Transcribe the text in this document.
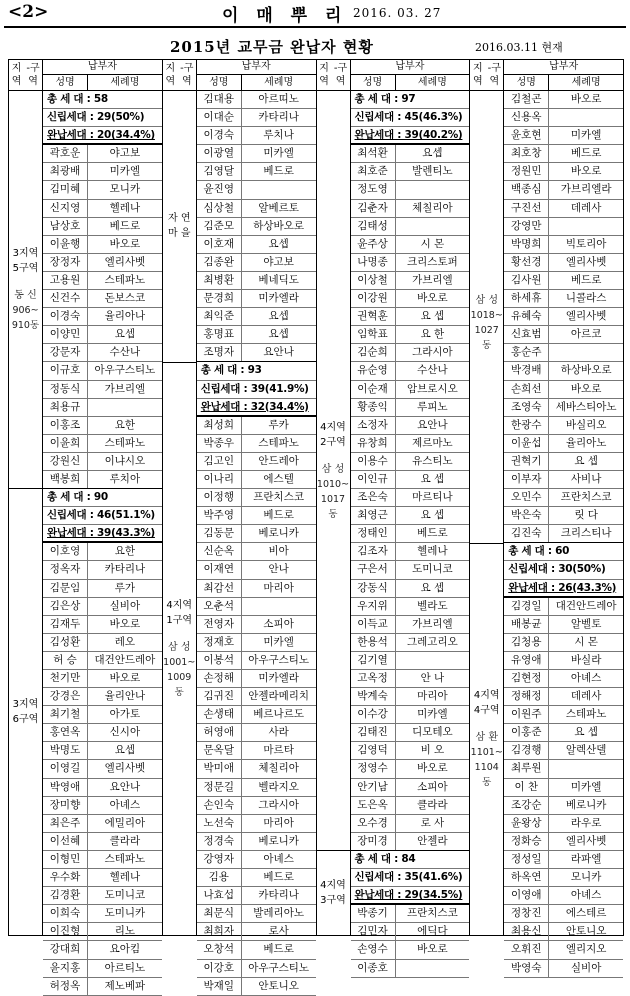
<2>	이 매 뿌 리 2016. 03. 27
2015년 교무금 완납자 현황	2016.03.11 현재
지역

-구역
납부자
성명	세례명
3지역
5구역
동 신
906~
910동
3지역
6구역
총 세 대 : 58
신립세대 : 29(50%)
완납세대 : 20(34.4%)
곽호운	야고보
최광배	미카엘
김미혜	모니카
신지영	헬레나
남상호	베드로
이윤행	바오로
장정자	엘리사벳
고용원	스테파노
신건수	돈보스코
이경숙	율리아나
이양민	요셉
강문자	수산나
이규호	아우구스티노
정동식	가브리엘
최용규
이홍조	요한
이윤희	스테파노
강원신	이냐시오
백봉희	루치아
총 세 대 : 90
신립세대 : 46(51.1%)
완납세대 : 39(43.3%)
이호영	요한
정옥자	카타리나
김문임	루가
김은상	실비아
김재두	바오로
김성환	레오
허 승	대건안드레아
천기만	바오로
강경은	율리안나
최기철	아가토
홍연옥	신시아
박명도	요셉
이영길	엘리사벳
박영애	요안나
장미향	아녜스
최은주	에밀리아
이선혜	클라라
이형민	스테파노
우수화	헬레나
김경환	도미니코
이희숙	도미니카
이진형	리노
강대희	요아킴
윤지홍	아르티노
허정옥	제노베파
지역

-구역
납부자
성명	세례명
자 연
마 을
4지역
1구역
삼 성
1001~
1009동
김대용	아르띠노
이대순	카타리나
이경숙	루치나
이광열	미카엘
김영달	베드로
윤진영
심상철	알베르토
김준모	하상바오로
이호재	요셉
김종완	야고보
최병환	베네딕도
문경희	미카엘라
최익준	요셉
홍명표	요셉
조명자	요안나
총 세 대 : 93
신립세대 : 39(41.9%)
완납세대 : 32(34.4%)
최성희	루카
박종우	스테파노
김고인	안드레아
이나리	에스텔
이정행	프란치스코
박주영	베드로
김동문	베로니카
신순옥	비아
이재연	안나
최감선	마리아
오춘석
전영자	소피아
정재호	미카엘
이봉석	아우구스티노
손정해	미카엘라
김귀진	안젤라메리치
손생태	베르나르도
허영애	사라
문옥달	마르타
박미애	체칠리아
정문길	벨라지오
손인숙	그라시아
노선숙	마리아
정경숙	베로니카
강영자	아녜스
김용	베드로
나효섭	카타리나
최문식	발레리아노
최희자	로사
오창석	베드로
이강호	아우구스티노
박재일	안토니오
지역

-구역
납부자
성명	세례명
4지역
2구역
삼 성
1010~
1017동
4지역
3구역
총 세 대 : 97
신립세대 : 45(46.3%)
완납세대 : 39(40.2%)
최석환	요셉
최호준	발렌티노
정도영
김춘자	체칠리아
김태성
윤주상	시 몬
나명종	크리스토퍼
이상철	가브리엘
이강원	바오로
권혁훈	요 셉
임학표	요 한
김순희	그라시아
유순영	수산나
이순재	암브로시오
황종익	루피노
소정자	요안나
유창희	제르마노
이용수	유스티노
이인규	요 셉
조은숙	마르티나
최영근	요 셉
정태인	베드로
김조자	헬레나
구은서	도미니코
강동식	요 셉
우지위	벨라도
이득교	가브리엘
한용석	그레고리오
김기열
고옥정	안 나
박계숙	마리아
이수강	미카엘
김태진	디모테오
김영덕	비 오
정영수	바오로
안기남	소피아
도은옥	클라라
오수경	로 사
장미경	안젤라
총 세 대 : 84
신립세대 : 35(41.6%)
완납세대 : 29(34.5%)
박종기	프란치스코
김민자	에딕다
손영수	바오로
이종호
지역

-구역
납부자
성명	세례명
삼 성
1018~
1027동
4지역
4구역
삼 환
1101~
1104동
김철곤	바오로
신용옥
윤호현	미카엘
최호창	베드로
정원민	바오로
백종심	가브리엘라
구진선	데레사
강영만
박명희	빅토리아
황선경	엘리사벳
김사원	베드로
하세휴	니콜라스
유혜숙	엘리사벳
신효범	아르코
홍순주
박경배	하상바오로
손희선	바오로
조영숙	세바스티아노
한광수	바실리오
이윤섭	율리아노
권혁기	요 셉
이부자	사비나
오민수	프란치스코
박은숙	릿 다
김진숙	크리스티나
총 세 대 : 60
신립세대 : 30(50%)
완납세대 : 26(43.3%)
김경일	대건안드레아
배봉균	알벨토
김청용	시 몬
유영애	바실라
김현정	아녜스
정해정	데레사
이원주	스테파노
이홍준	요 셉
김경행	알렉산델
최루원
이 찬	미카엘
조강순	베로니카
윤왕상	라우로
정화승	엘리사벳
정성일	라파엘
하옥연	모니카
이영애	아녜스
정창진	에스테르
최용신	안토니오
오휘진	엘리지오
박영숙	실비아
